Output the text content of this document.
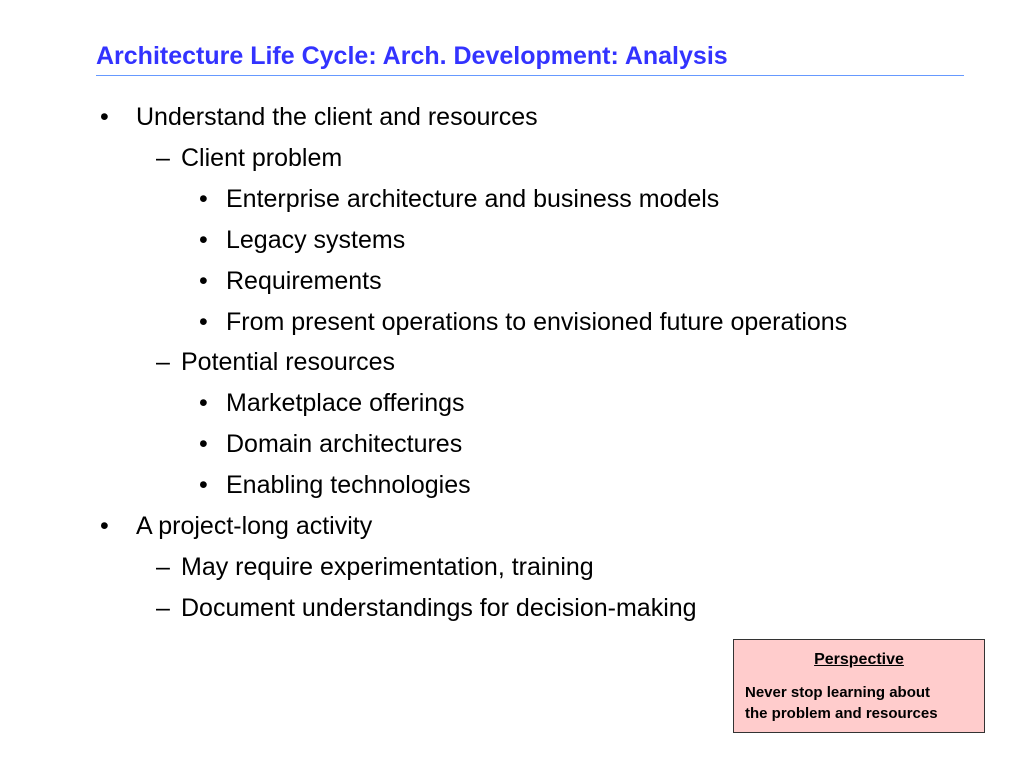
Architecture Life Cycle: Arch. Development: Analysis
• Understand the client and resources
– Client problem
• Enterprise architecture and business models
• Legacy systems
• Requirements
• From present operations to envisioned future operations
– Potential resources
• Marketplace offerings
• Domain architectures
• Enabling technologies
• A project-long activity
– May require experimentation, training
– Document understandings for decision-making
Perspective
Never stop learning about
the problem and resources
